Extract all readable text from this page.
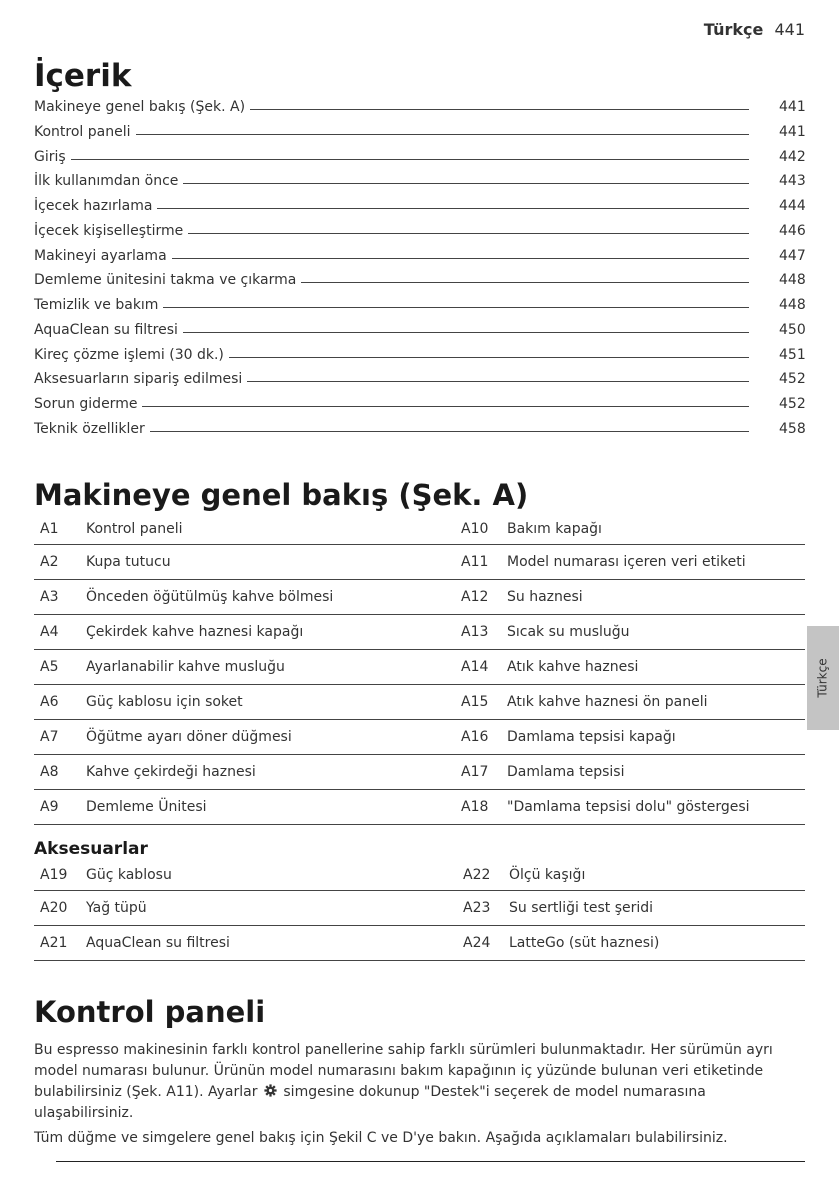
Türkçe 441
İçerik
Makineye genel bakış (Şek. A)	441
Kontrol paneli	441
Giriş	442
İlk kullanımdan önce	443
İçecek hazırlama	444
İçecek kişiselleştirme	446
Makineyi ayarlama	447
Demleme ünitesini takma ve çıkarma	448
Temizlik ve bakım	448
AquaClean su filtresi	450
Kireç çözme işlemi (30 dk.)	451
Aksesuarların sipariş edilmesi	452
Sorun giderme	452
Teknik özellikler	458
Makineye genel bakış (Şek. A)
A1	Kontrol paneli	A10	Bakım kapağı
A2	Kupa tutucu	A11	Model numarası içeren veri etiketi
A3	Önceden öğütülmüş kahve bölmesi	A12	Su haznesi
A4	Çekirdek kahve haznesi kapağı	A13	Sıcak su musluğu
A5	Ayarlanabilir kahve musluğu	A14	Atık kahve haznesi
A6	Güç kablosu için soket	A15	Atık kahve haznesi ön paneli
A7	Öğütme ayarı döner düğmesi	A16	Damlama tepsisi kapağı
A8	Kahve çekirdeği haznesi	A17	Damlama tepsisi
A9	Demleme Ünitesi	A18	"Damlama tepsisi dolu" göstergesi
Aksesuarlar
A19	Güç kablosu	A22	Ölçü kaşığı
A20	Yağ tüpü	A23	Su sertliği test şeridi
A21	AquaClean su filtresi	A24	LatteGo (süt haznesi)
Kontrol paneli

Bu espresso makinesinin farklı kontrol panellerine sahip farklı sürümleri bulunmaktadır. Her sürümün ayrı model numarası bulunur. Ürünün model numarasını bakım kapağının iç yüzünde bulunan veri etiketinde bulabilirsiniz (Şek. A11). Ayarlar simgesine dokunup "Destek"i seçerek de model numarasına ulaşabilirsiniz.

Tüm düğme ve simgelere genel bakış için Şekil C ve D'ye bakın. Aşağıda açıklamaları bulabilirsiniz.

Türkçe
